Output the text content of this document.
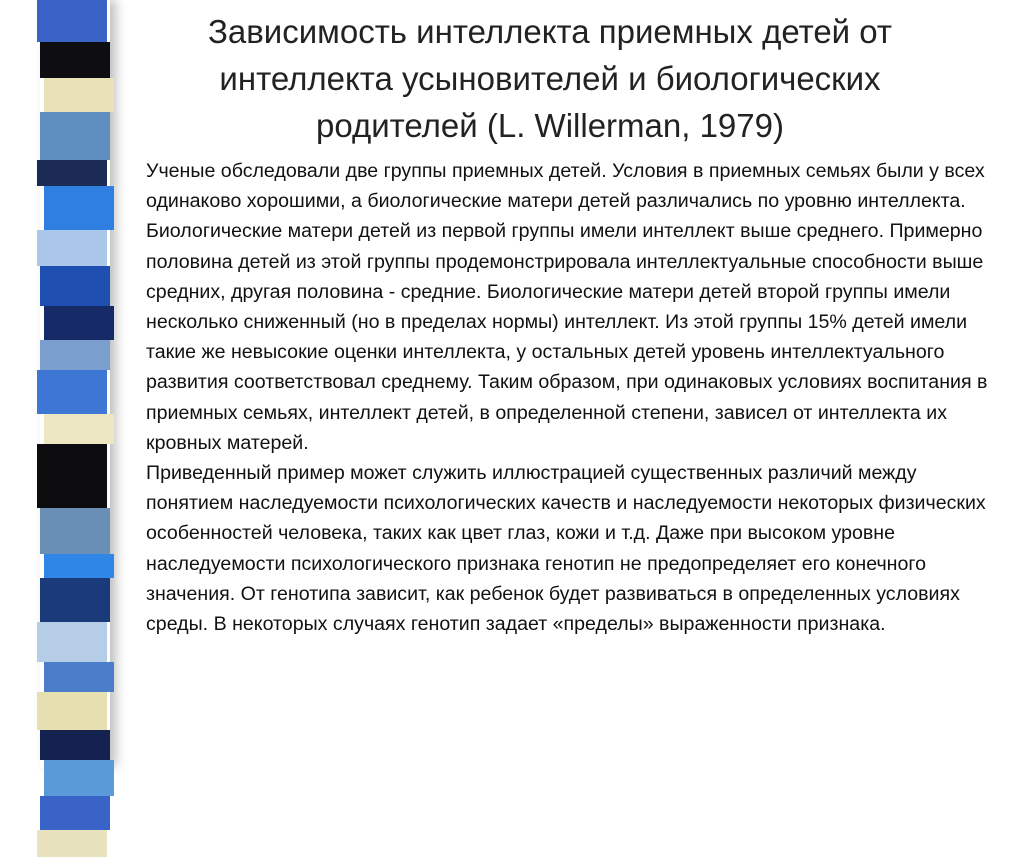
Зависимость интеллекта приемных детей от интеллекта усыновителей и биологических родителей (L. Willerman, 1979)

Ученые обследовали две группы приемных детей. Условия в приемных семьях были у всех одинаково хорошими, а биологические матери детей различались по уровню интеллекта. Биологические матери детей из первой группы имели интеллект выше среднего. Примерно половина детей из этой группы продемонстрировала интеллектуальные способности выше средних, другая половина - средние. Биологические матери детей второй группы имели несколько сниженный (но в пределах нормы) интеллект. Из этой группы 15% детей имели такие же невысокие оценки интеллекта, у остальных детей уровень интеллектуального развития соответствовал среднему. Таким образом, при одинаковых условиях воспитания в приемных семьях, интеллект детей, в определенной степени, зависел от интеллекта их кровных матерей.

Приведенный пример может служить иллюстрацией существенных различий между понятием наследуемости психологических качеств и наследуемости некоторых физических особенностей человека, таких как цвет глаз, кожи и т.д. Даже при высоком уровне наследуемости психологического признака генотип не предопределяет его конечного значения. От генотипа зависит, как ребенок будет развиваться в определенных условиях среды. В некоторых случаях генотип задает «пределы» выраженности признака.
